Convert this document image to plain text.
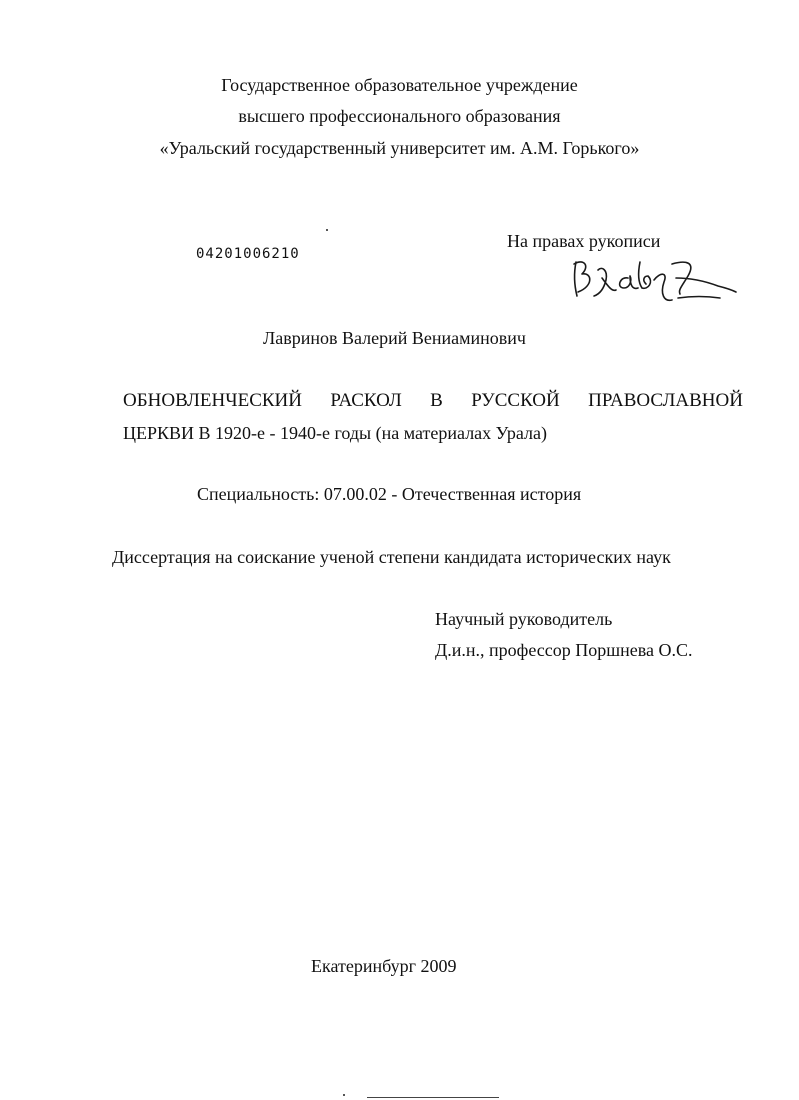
Государственное образовательное учреждение
высшего профессионального образования
«Уральский государственный университет им. А.М. Горького»
04201006210
На правах рукописи
Лавринов Валерий Вениаминович
ОБНОВЛЕНЧЕСКИЙ РАСКОЛ В РУССКОЙ ПРАВОСЛАВНОЙ
ЦЕРКВИ В 1920-е - 1940-е годы (на материалах Урала)
Специальность: 07.00.02 - Отечественная история
Диссертация на соискание ученой степени кандидата исторических наук
Научный руководитель
Д.и.н., профессор Поршнева О.С.
Екатеринбург 2009
